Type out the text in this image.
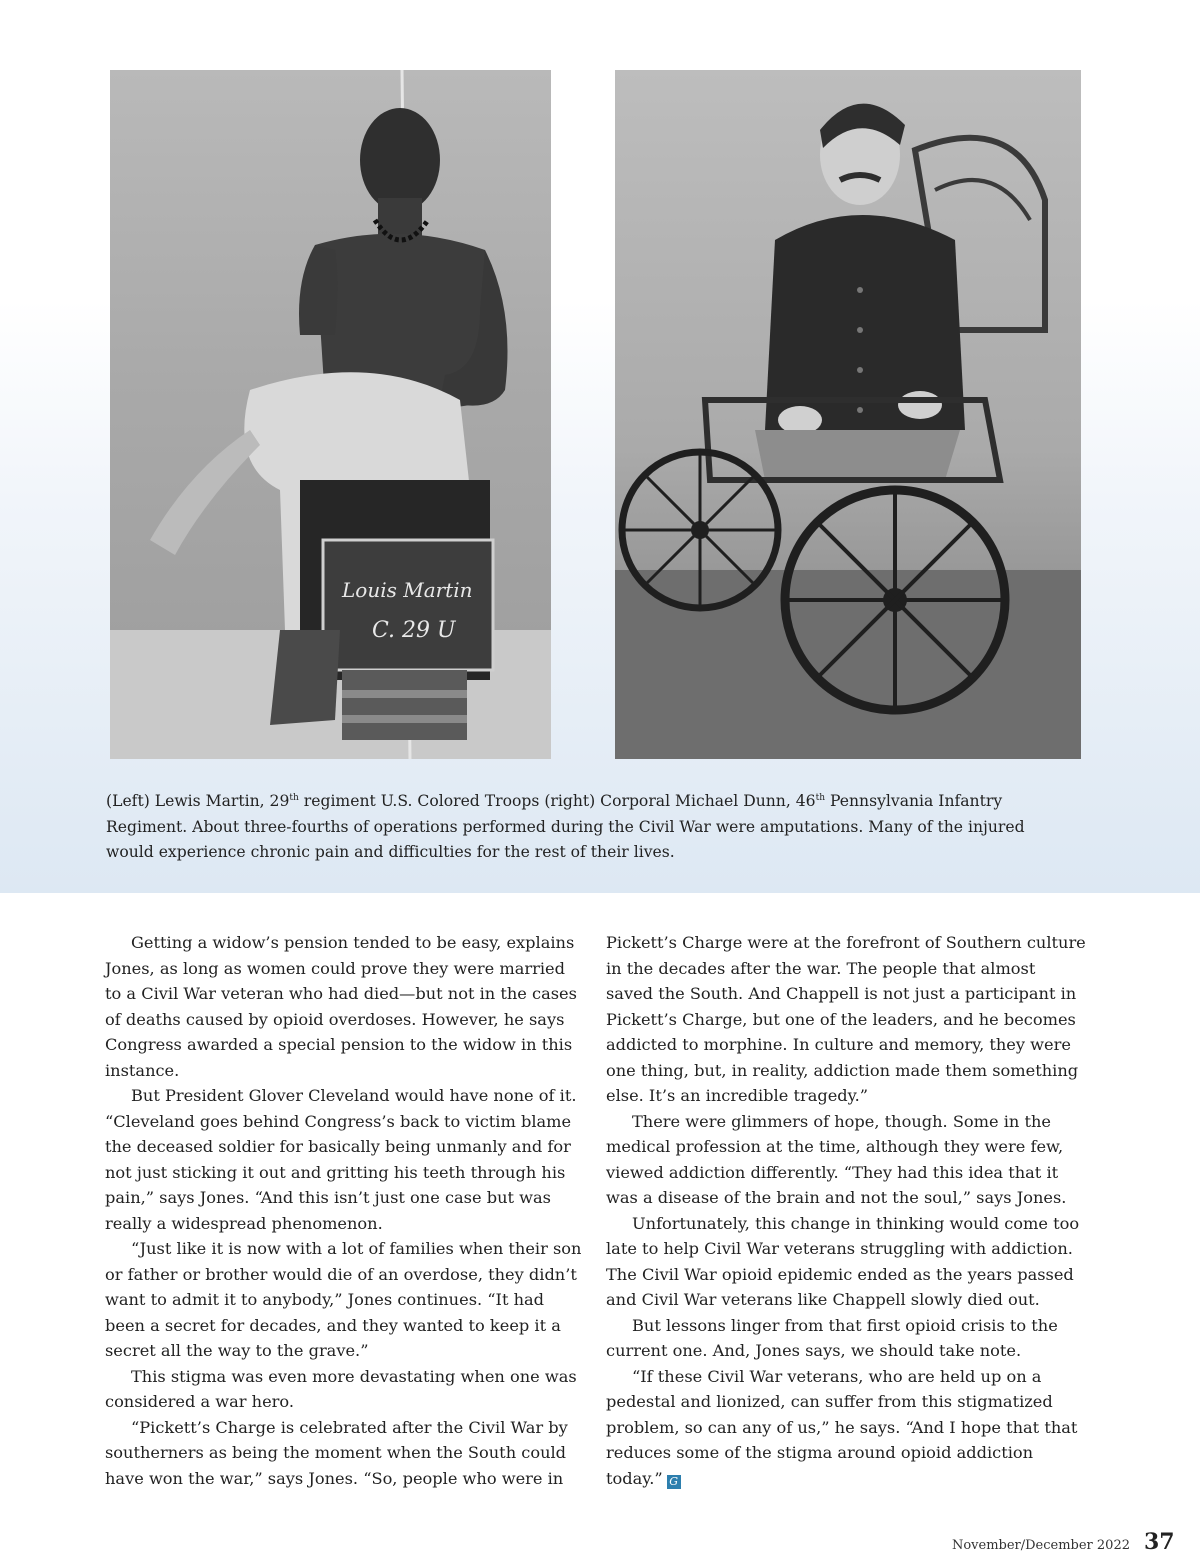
Louis Martin
C. 29 U
(Left) Lewis Martin, 29th regiment U.S. Colored Troops (right) Corporal Michael Dunn, 46th Pennsylvania Infantry Regiment. About three-fourths of operations performed during the Civil War were amputations. Many of the injured would experience chronic pain and difficulties for the rest of their lives.

Getting a widow’s pension tended to be easy, explains Jones, as long as women could prove they were married to a Civil War veteran who had died—but not in the cases of deaths caused by opioid overdoses. However, he says Congress awarded a special pension to the widow in this instance.

But President Glover Cleveland would have none of it. “Cleveland goes behind Congress’s back to victim blame the deceased soldier for basically being unmanly and for not just sticking it out and gritting his teeth through his pain,” says Jones. “And this isn’t just one case but was really a widespread phenomenon.

“Just like it is now with a lot of families when their son or father or brother would die of an overdose, they didn’t want to admit it to anybody,” Jones continues. “It had been a secret for decades, and they wanted to keep it a secret all the way to the grave.”

This stigma was even more devastating when one was considered a war hero.

“Pickett’s Charge is celebrated after the Civil War by southerners as being the moment when the South could have won the war,” says Jones. “So, people who were in

Pickett’s Charge were at the forefront of Southern culture in the decades after the war. The people that almost saved the South. And Chappell is not just a participant in Pickett’s Charge, but one of the leaders, and he becomes addicted to morphine. In culture and memory, they were one thing, but, in reality, addiction made them something else. It’s an incredible tragedy.”

There were glimmers of hope, though. Some in the medical profession at the time, although they were few, viewed addiction differently. “They had this idea that it was a disease of the brain and not the soul,” says Jones.

Unfortunately, this change in thinking would come too late to help Civil War veterans struggling with addiction. The Civil War opioid epidemic ended as the years passed and Civil War veterans like Chappell slowly died out.

But lessons linger from that first opioid crisis to the current one. And, Jones says, we should take note.

“If these Civil War veterans, who are held up on a pedestal and lionized, can suffer from this stigmatized problem, so can any of us,” he says. “And I hope that that reduces some of the stigma around opioid addiction today.” G

November/December 2022 37
